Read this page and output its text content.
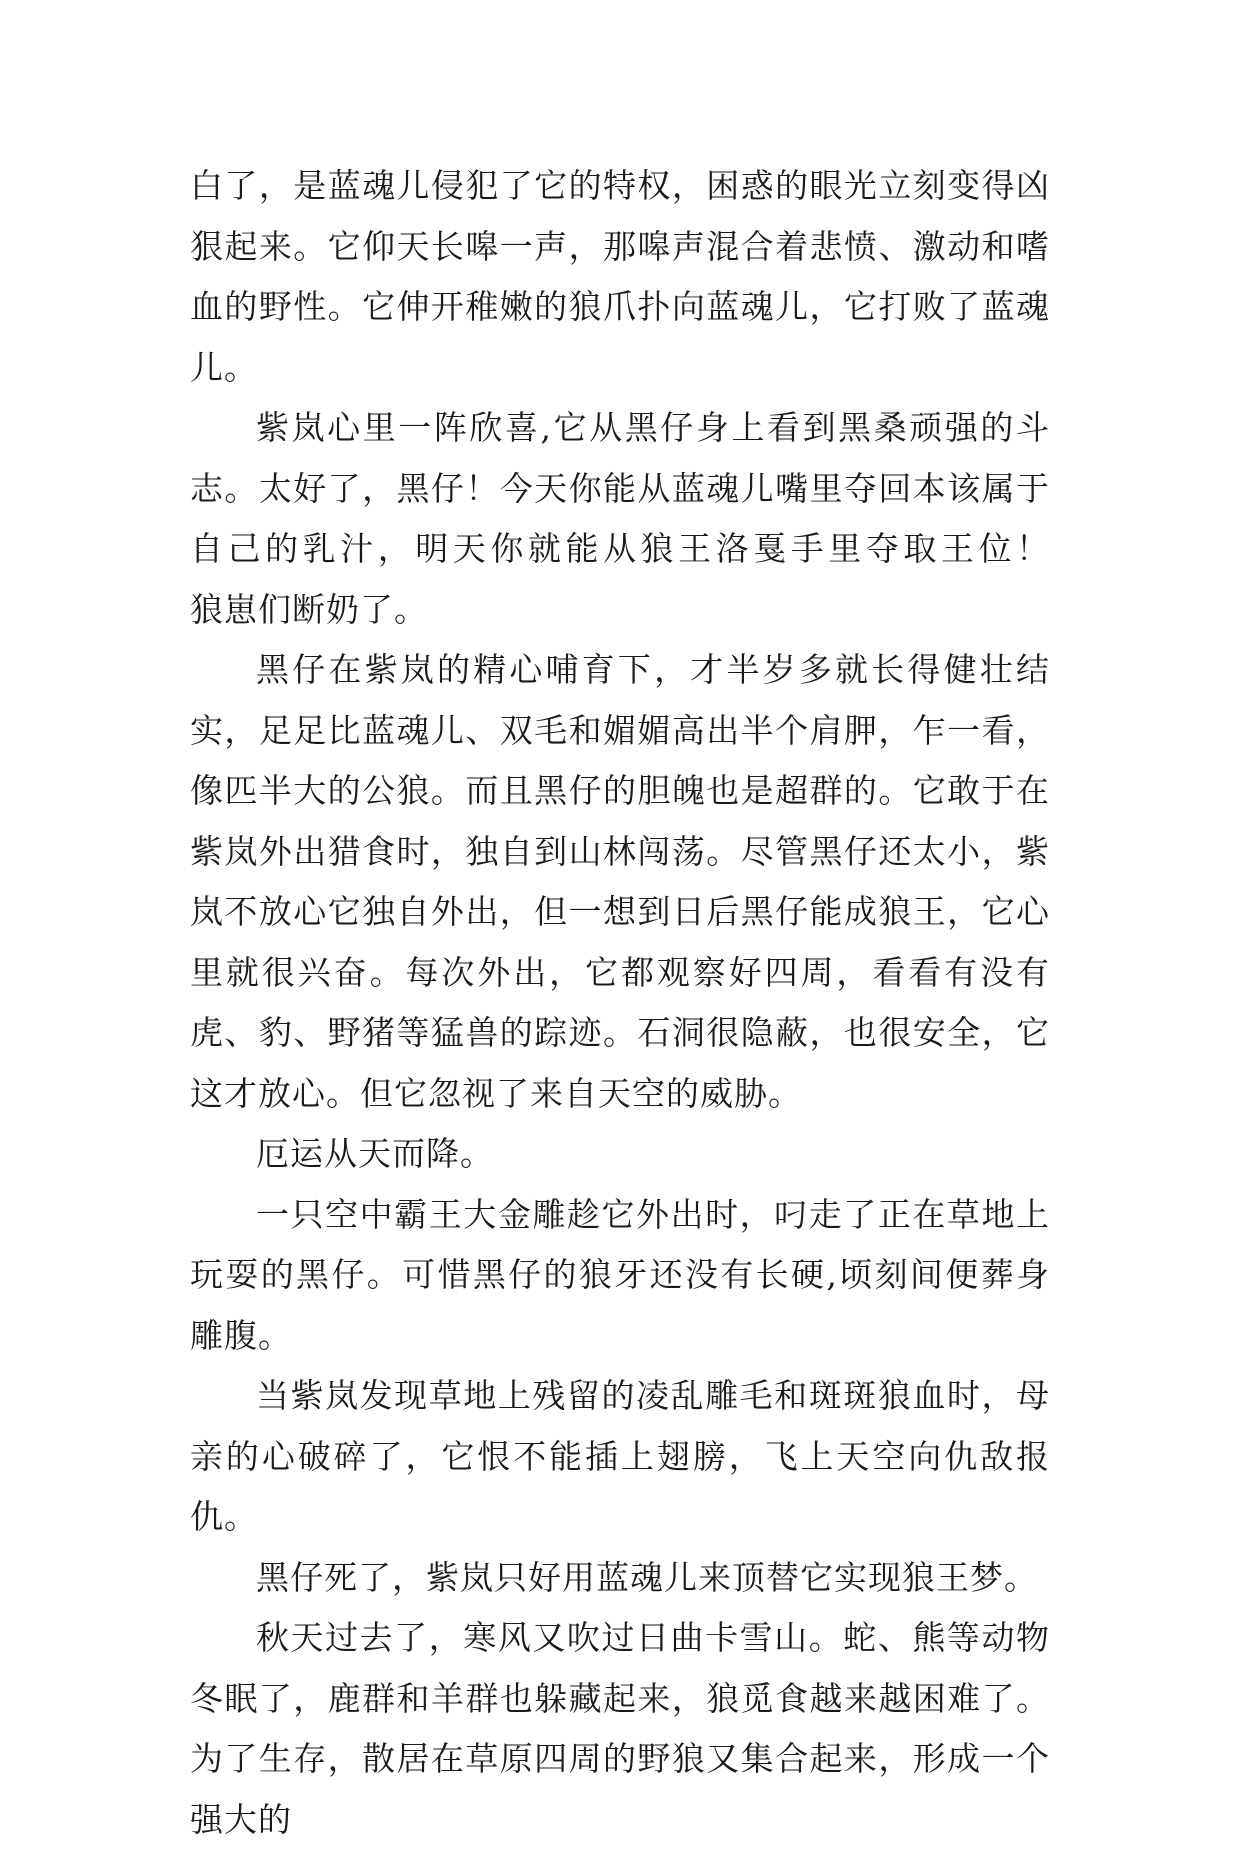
白了，是蓝魂儿侵犯了它的特权，困惑的眼光立刻变得凶狠起来。它仰天长嗥一声，那嗥声混合着悲愤、激动和嗜血的野性。它伸开稚嫩的狼爪扑向蓝魂儿，它打败了蓝魂儿。

紫岚心里一阵欣喜,它从黑仔身上看到黑桑顽强的斗志。太好了，黑仔！今天你能从蓝魂儿嘴里夺回本该属于自己的乳汁，明天你就能从狼王洛戛手里夺取王位！　　狼崽们断奶了。

黑仔在紫岚的精心哺育下，才半岁多就长得健壮结实，足足比蓝魂儿、双毛和媚媚高出半个肩胛，乍一看，像匹半大的公狼。而且黑仔的胆魄也是超群的。它敢于在紫岚外出猎食时，独自到山林闯荡。尽管黑仔还太小，紫岚不放心它独自外出，但一想到日后黑仔能成狼王，它心里就很兴奋。每次外出，它都观察好四周，看看有没有虎、豹、野猪等猛兽的踪迹。石洞很隐蔽，也很安全，它这才放心。但它忽视了来自天空的威胁。

厄运从天而降。

一只空中霸王大金雕趁它外出时，叼走了正在草地上玩耍的黑仔。可惜黑仔的狼牙还没有长硬,顷刻间便葬身雕腹。

当紫岚发现草地上残留的凌乱雕毛和斑斑狼血时，母亲的心破碎了，它恨不能插上翅膀，飞上天空向仇敌报仇。

黑仔死了，紫岚只好用蓝魂儿来顶替它实现狼王梦。

秋天过去了，寒风又吹过日曲卡雪山。蛇、熊等动物冬眠了，鹿群和羊群也躲藏起来，狼觅食越来越困难了。为了生存，散居在草原四周的野狼又集合起来，形成一个强大的
